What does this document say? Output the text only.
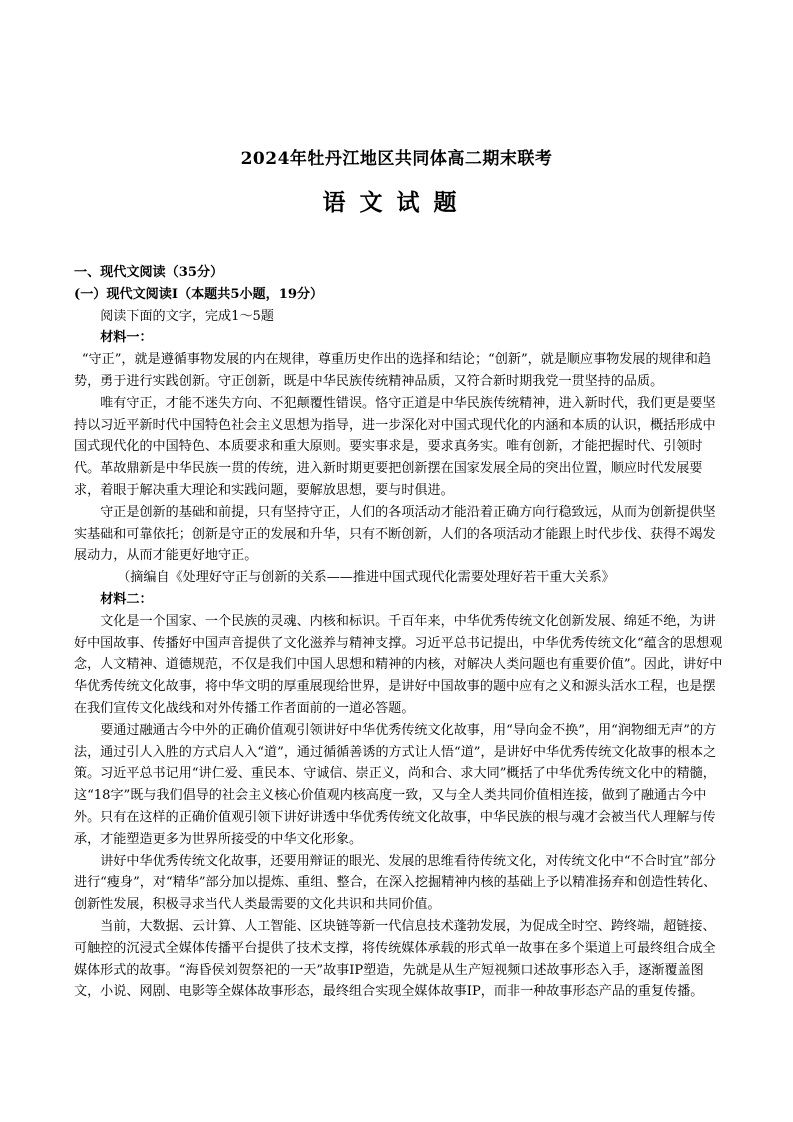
2024年牡丹江地区共同体高二期末联考
语文试题

一、现代文阅读（35分）

(一）现代文阅读Ⅰ（本题共5小题，19分）

阅读下面的文字，完成1～5题

材料一：

“守正”，就是遵循事物发展的内在规律，尊重历史作出的选择和结论；“创新”，就是顺应事物发展的规律和趋势，勇于进行实践创新。守正创新，既是中华民族传统精神品质，又符合新时期我党一贯坚持的品质。

唯有守正，才能不迷失方向、不犯颠覆性错误。恪守正道是中华民族传统精神，进入新时代，我们更是要坚持以习近平新时代中国特色社会主义思想为指导，进一步深化对中国式现代化的内涵和本质的认识，概括形成中国式现代化的中国特色、本质要求和重大原则。要实事求是，要求真务实。唯有创新，才能把握时代、引领时代。革故鼎新是中华民族一贯的传统，进入新时期更要把创新摆在国家发展全局的突出位置，顺应时代发展要求，着眼于解决重大理论和实践问题，要解放思想，要与时俱进。

守正是创新的基础和前提，只有坚持守正，人们的各项活动才能沿着正确方向行稳致远，从而为创新提供坚实基础和可靠依托；创新是守正的发展和升华，只有不断创新，人们的各项活动才能跟上时代步伐、获得不竭发展动力，从而才能更好地守正。

（摘编自《处理好守正与创新的关系——推进中国式现代化需要处理好若干重大关系》

材料二：

文化是一个国家、一个民族的灵魂、内核和标识。千百年来，中华优秀传统文化创新发展、绵延不绝，为讲好中国故事、传播好中国声音提供了文化滋养与精神支撑。习近平总书记提出，中华优秀传统文化“蕴含的思想观念，人文精神、道德规范，不仅是我们中国人思想和精神的内核，对解决人类问题也有重要价值”。因此，讲好中华优秀传统文化故事，将中华文明的厚重展现给世界，是讲好中国故事的题中应有之义和源头活水工程，也是摆在我们宣传文化战线和对外传播工作者面前的一道必答题。

要通过融通古今中外的正确价值观引领讲好中华优秀传统文化故事，用“导向金不换”，用“润物细无声”的方法，通过引人入胜的方式启人入“道”，通过循循善诱的方式让人悟“道”，是讲好中华优秀传统文化故事的根本之策。习近平总书记用“讲仁爱、重民本、守诚信、崇正义，尚和合、求大同”概括了中华优秀传统文化中的精髓，这“18字”既与我们倡导的社会主义核心价值观内核高度一致，又与全人类共同价值相连接，做到了融通古今中外。只有在这样的正确价值观引领下讲好讲透中华优秀传统文化故事，中华民族的根与魂才会被当代人理解与传承，才能塑造更多为世界所接受的中华文化形象。

讲好中华优秀传统文化故事，还要用辩证的眼光、发展的思维看待传统文化，对传统文化中“不合时宜”部分进行“瘦身”，对“精华”部分加以提炼、重组、整合，在深入挖掘精神内核的基础上予以精准扬弃和创造性转化、创新性发展，积极寻求当代人类最需要的文化共识和共同价值。

当前，大数据、云计算、人工智能、区块链等新一代信息技术蓬勃发展，为促成全时空、跨终端，超链接、可触控的沉浸式全媒体传播平台提供了技术支撑，将传统媒体承载的形式单一故事在多个渠道上可最终组合成全媒体形式的故事。“海昏侯刘贺祭祀的一天”故事IP塑造，先就是从生产短视频口述故事形态入手，逐渐覆盖图文，小说、网剧、电影等全媒体故事形态，最终组合实现全媒体故事IP，而非一种故事形态产品的重复传播。
